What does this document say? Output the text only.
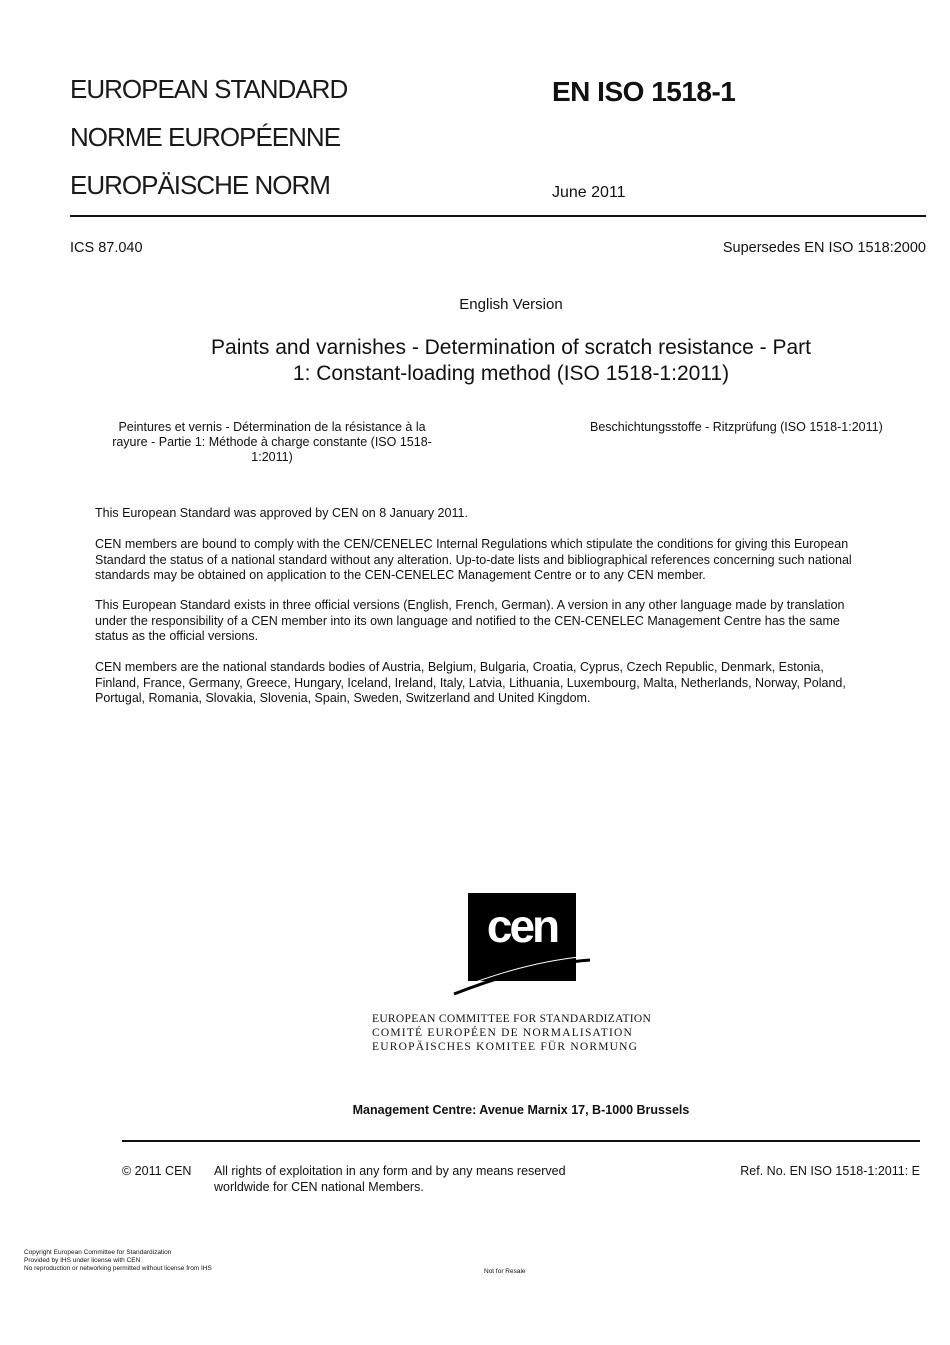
EUROPEAN STANDARD
NORME EUROPÉENNE
EUROPÄISCHE NORM
EN ISO 1518-1
June 2011
ICS 87.040	Supersedes EN ISO 1518:2000
English Version
Paints and varnishes - Determination of scratch resistance - Part
1: Constant-loading method (ISO 1518-1:2011)
Peintures et vernis - Détermination de la résistance à la
rayure - Partie 1: Méthode à charge constante (ISO 1518-
1:2011)
Beschichtungsstoffe - Ritzprüfung (ISO 1518-1:2011)
This European Standard was approved by CEN on 8 January 2011.
CEN members are bound to comply with the CEN/CENELEC Internal Regulations which stipulate the conditions for giving this European
Standard the status of a national standard without any alteration. Up-to-date lists and bibliographical references concerning such national
standards may be obtained on application to the CEN-CENELEC Management Centre or to any CEN member.
This European Standard exists in three official versions (English, French, German). A version in any other language made by translation
under the responsibility of a CEN member into its own language and notified to the CEN-CENELEC Management Centre has the same
status as the official versions.
CEN members are the national standards bodies of Austria, Belgium, Bulgaria, Croatia, Cyprus, Czech Republic, Denmark, Estonia,
Finland, France, Germany, Greece, Hungary, Iceland, Ireland, Italy, Latvia, Lithuania, Luxembourg, Malta, Netherlands, Norway, Poland,
Portugal, Romania, Slovakia, Slovenia, Spain, Sweden, Switzerland and United Kingdom.
cen
EUROPEAN COMMITTEE FOR STANDARDIZATION
COMITÉ EUROPÉEN DE NORMALISATION
EUROPÄISCHES KOMITEE FÜR NORMUNG
Management Centre: Avenue Marnix 17, B-1000 Brussels
© 2011 CEN All rights of exploitation in any form and by any means reserved
worldwide for CEN national Members.
Ref. No. EN ISO 1518-1:2011: E
Copyright European Committee for Standardization
Provided by IHS under license with CEN
No reproduction or networking permitted without license from IHS	Not for Resale
